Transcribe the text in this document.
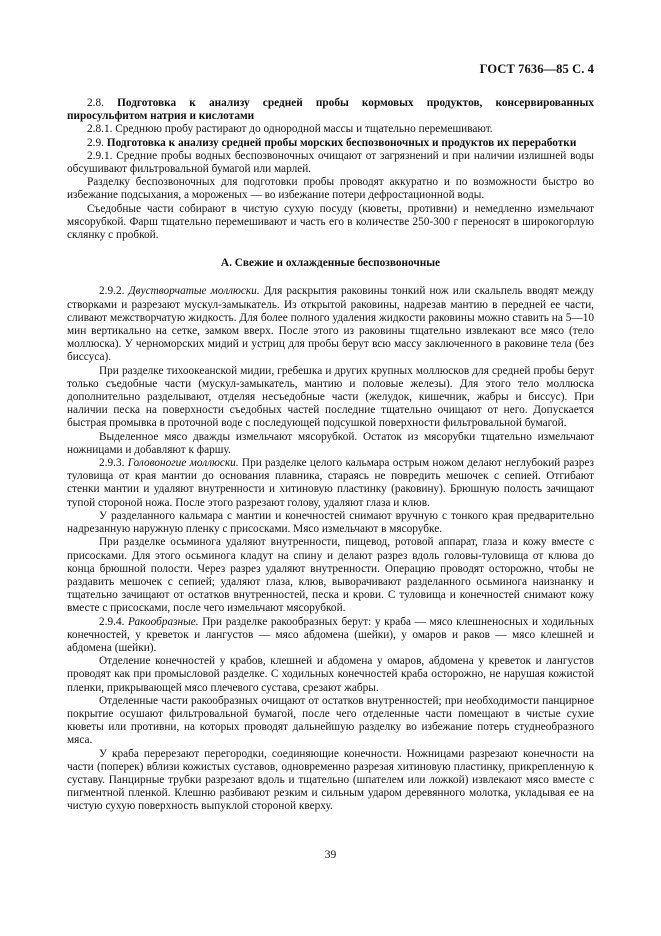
ГОСТ 7636—85 С. 4

2.8. Подготовка к анализу средней пробы кормовых продуктов, консервированных пиросульфитом натрия и кислотами

2.8.1. Среднюю пробу растирают до однородной массы и тщательно перемешивают.

2.9. Подготовка к анализу средней пробы морских беспозвоночных и продуктов их переработки

2.9.1. Средние пробы водных беспозвоночных очищают от загрязнений и при наличии излишней воды обсушивают фильтровальной бумагой или марлей.

Разделку беспозвоночных для подготовки пробы проводят аккуратно и по возможности быстро во избежание подсыхания, а мороженых — во избежание потери дефростационной воды.

Съедобные части собирают в чистую сухую посуду (кюветы, противни) и немедленно измельчают мясорубкой. Фарш тщательно перемешивают и часть его в количестве 250-300 г переносят в широкогорлую склянку с пробкой.

А. Свежие и охлажденные беспозвоночные

2.9.2. Двустворчатые моллюски. Для раскрытия раковины тонкий нож или скальпель вводят между створками и разрезают мускул-замыкатель. Из открытой раковины, надрезав мантию в передней ее части, сливают межстворчатую жидкость. Для более полного удаления жидкости раковины можно ставить на 5—10 мин вертикально на сетке, замком вверх. После этого из раковины тщательно извлекают все мясо (тело моллюска). У черноморских мидий и устриц для пробы берут всю массу заключенного в раковине тела (без биссуса).

При разделке тихоокеанской мидии, гребешка и других крупных моллюсков для средней пробы берут только съедобные части (мускул-замыкатель, мантию и половые железы). Для этого тело моллюска дополнительно разделывают, отделяя несъедобные части (желудок, кишечник, жабры и биссус). При наличии песка на поверхности съедобных частей последние тщательно очищают от него. Допускается быстрая промывка в проточной воде с последующей подсушкой поверхности фильтровальной бумагой.

Выделенное мясо дважды измельчают мясорубкой. Остаток из мясорубки тщательно измельчают ножницами и добавляют к фаршу.

2.9.3. Головоногие моллюски. При разделке целого кальмара острым ножом делают неглубокий разрез туловища от края мантии до основания плавника, стараясь не повредить мешочек с сепией. Отгибают стенки мантии и удаляют внутренности и хитиновую пластинку (раковину). Брюшную полость зачищают тупой стороной ножа. После этого разрезают голову, удаляют глаза и клюв.

У разделанного кальмара с мантии и конечностей снимают вручную с тонкого края предварительно надрезанную наружную пленку с присосками. Мясо измельчают в мясорубке.

При разделке осьминога удаляют внутренности, пищевод, ротовой аппарат, глаза и кожу вместе с присосками. Для этого осьминога кладут на спину и делают разрез вдоль головы-туловища от клюва до конца брюшной полости. Через разрез удаляют внутренности. Операцию проводят осторожно, чтобы не раздавить мешочек с сепией; удаляют глаза, клюв, выворачивают разделанного осьминога наизнанку и тщательно зачищают от остатков внутренностей, песка и крови. С туловища и конечностей снимают кожу вместе с присосками, после чего измельчают мясорубкой.

2.9.4. Ракообразные. При разделке ракообразных берут: у краба — мясо клешненосных и ходильных конечностей, у креветок и лангустов — мясо абдомена (шейки), у омаров и раков — мясо клешней и абдомена (шейки).

Отделение конечностей у крабов, клешней и абдомена у омаров, абдомена у креветок и лангустов проводят как при промысловой разделке. С ходильных конечностей краба осторожно, не нарушая кожистой пленки, прикрывающей мясо плечевого сустава, срезают жабры.

Отделенные части ракообразных очищают от остатков внутренностей; при необходимости панцирное покрытие осушают фильтровальной бумагой, после чего отделенные части помещают в чистые сухие кюветы или противни, на которых проводят дальнейшую разделку во избежание потерь студнеобразного мяса.

У краба перерезают перегородки, соединяющие конечности. Ножницами разрезают конечности на части (поперек) вблизи кожистых суставов, одновременно разрезая хитиновую пластинку, прикрепленную к суставу. Панцирные трубки разрезают вдоль и тщательно (шпателем или ложкой) извлекают мясо вместе с пигментной пленкой. Клешню разбивают резким и сильным ударом деревянного молотка, укладывая ее на чистую сухую поверхность выпуклой стороной кверху.

39
